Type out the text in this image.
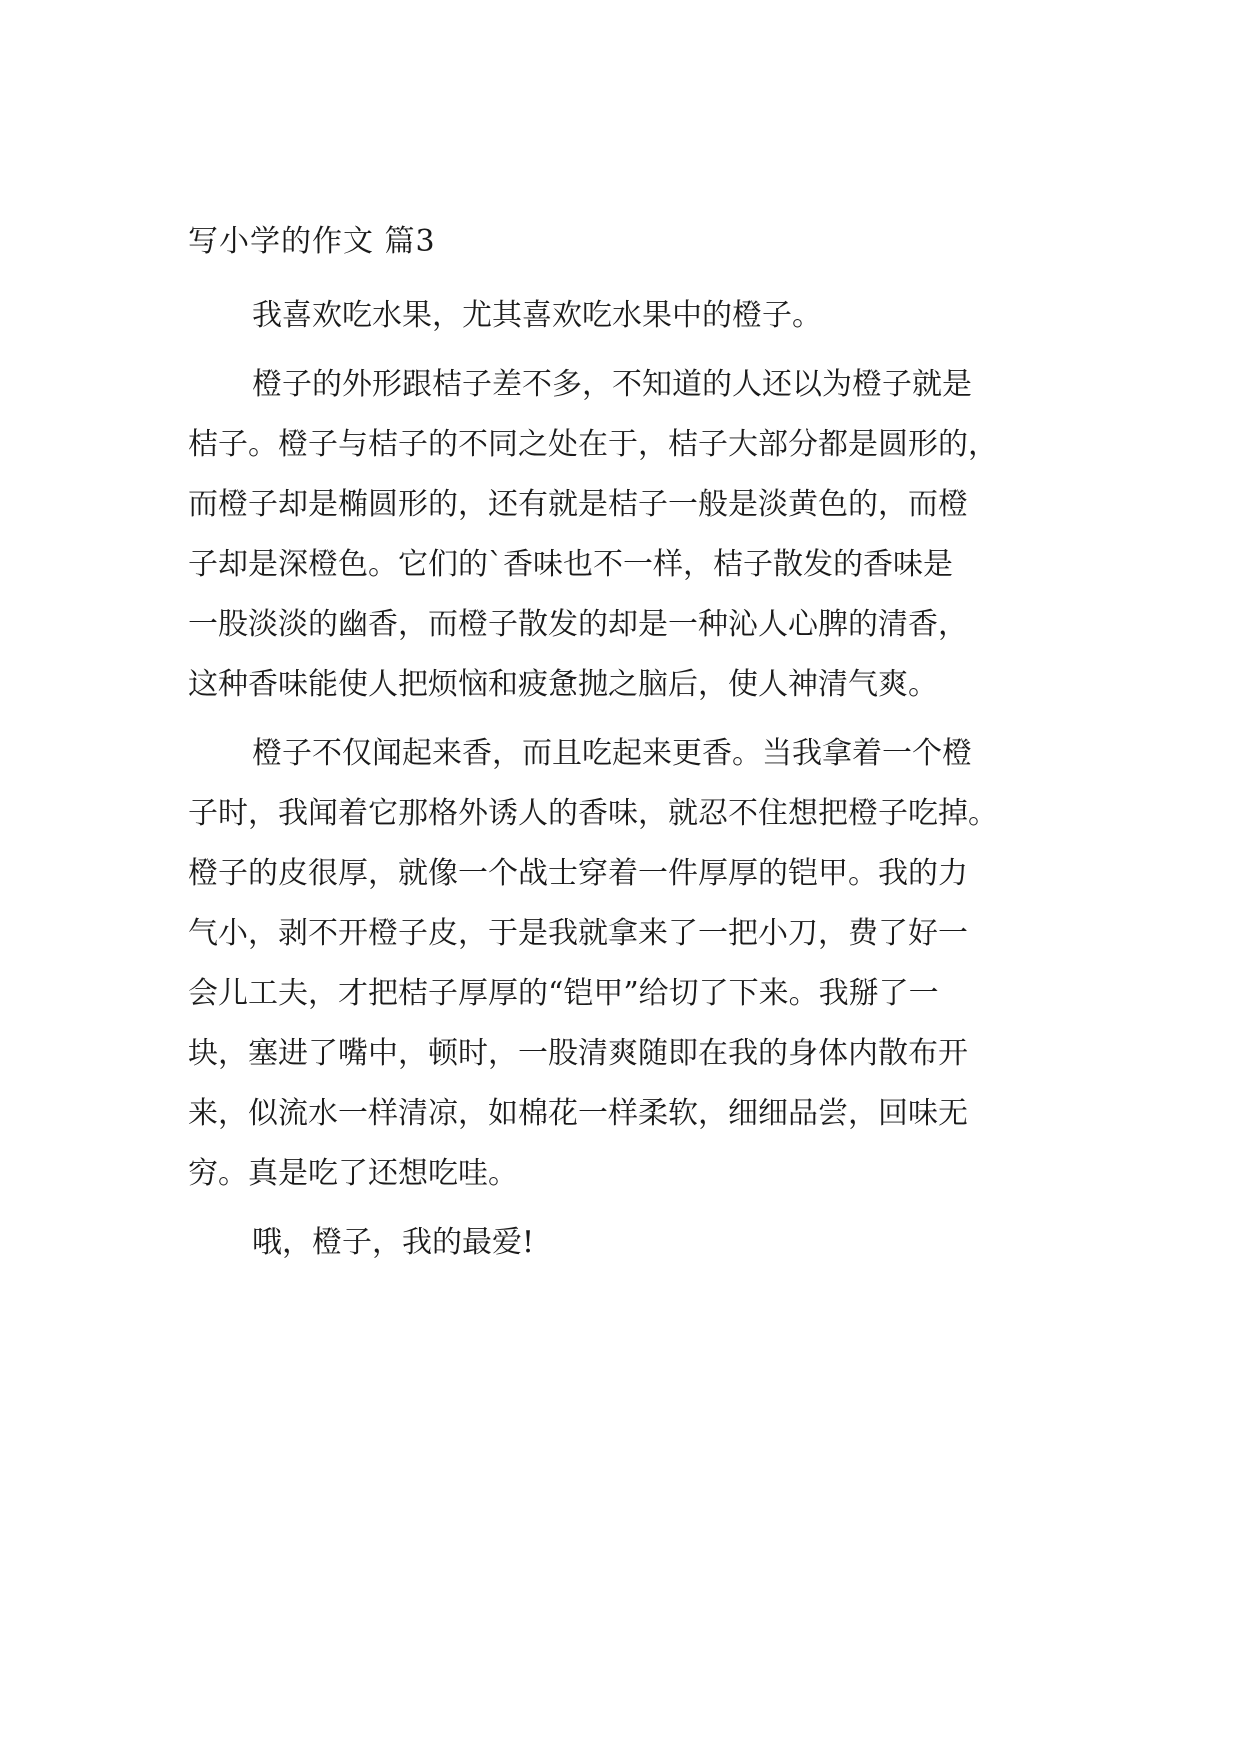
写小学的作文 篇3
我喜欢吃水果，尤其喜欢吃水果中的橙子。
橙子的外形跟桔子差不多，不知道的人还以为橙子就是
桔子。橙子与桔子的不同之处在于，桔子大部分都是圆形的，
而橙子却是椭圆形的，还有就是桔子一般是淡黄色的，而橙
子却是深橙色。它们的`香味也不一样，桔子散发的香味是
一股淡淡的幽香，而橙子散发的却是一种沁人心脾的清香，
这种香味能使人把烦恼和疲惫抛之脑后，使人神清气爽。
橙子不仅闻起来香，而且吃起来更香。当我拿着一个橙
子时，我闻着它那格外诱人的香味，就忍不住想把橙子吃掉。
橙子的皮很厚，就像一个战士穿着一件厚厚的铠甲。我的力
气小，剥不开橙子皮，于是我就拿来了一把小刀，费了好一
会儿工夫，才把桔子厚厚的“铠甲”给切了下来。我掰了一
块，塞进了嘴中，顿时，一股清爽随即在我的身体内散布开
来，似流水一样清凉，如棉花一样柔软，细细品尝，回味无
穷。真是吃了还想吃哇。
哦，橙子，我的最爱!
